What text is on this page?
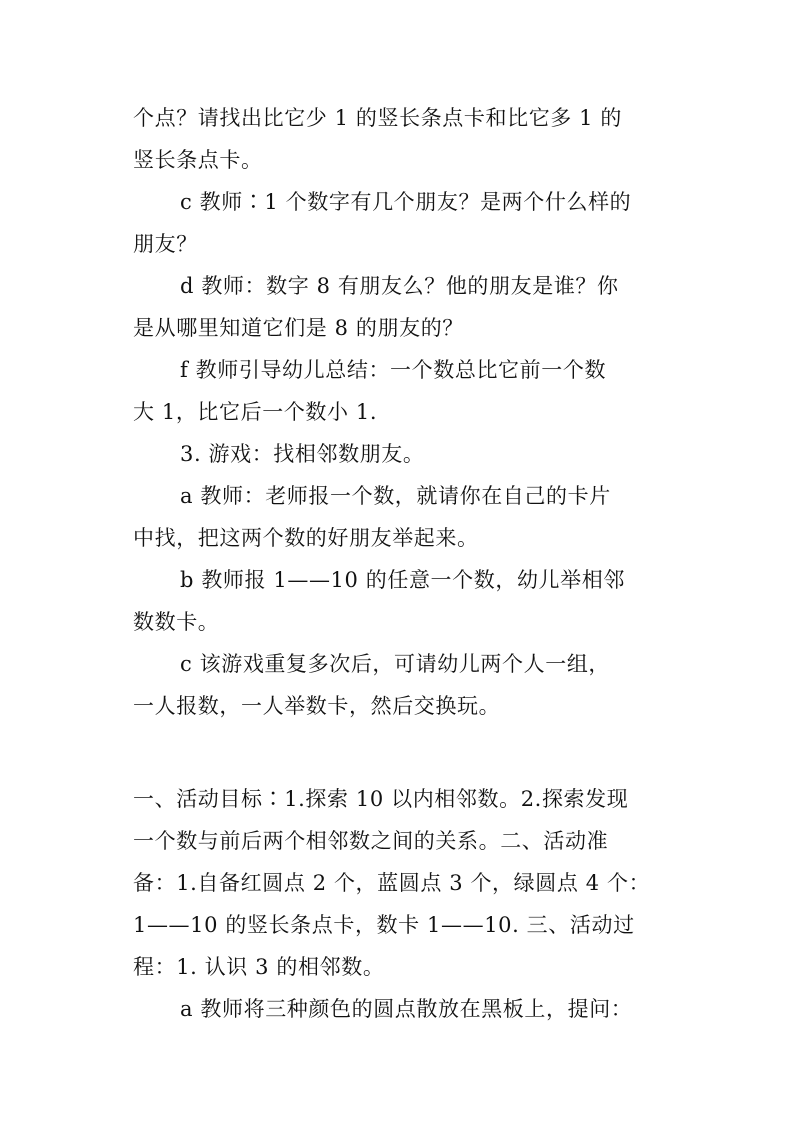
个点？请找出比它少 1 的竖长条点卡和比它多 1 的
竖长条点卡。
c 教师∶1 个数字有几个朋友？是两个什么样的
朋友？
d 教师：数字 8 有朋友么？他的朋友是谁？你
是从哪里知道它们是 8 的朋友的？
f 教师引导幼儿总结：一个数总比它前一个数
大 1，比它后一个数小 1.
3. 游戏：找相邻数朋友。
a 教师：老师报一个数，就请你在自己的卡片
中找，把这两个数的好朋友举起来。
b 教师报 1——10 的任意一个数，幼儿举相邻
数数卡。
c 该游戏重复多次后，可请幼儿两个人一组，
一人报数，一人举数卡，然后交换玩。
一、活动目标∶1.探索 10 以内相邻数。2.探索发现
一个数与前后两个相邻数之间的关系。二、活动准
备：1.自备红圆点 2 个，蓝圆点 3 个，绿圆点 4 个：
1——10 的竖长条点卡，数卡 1——10. 三、活动过
程：1. 认识 3 的相邻数。
a 教师将三种颜色的圆点散放在黑板上，提问：
